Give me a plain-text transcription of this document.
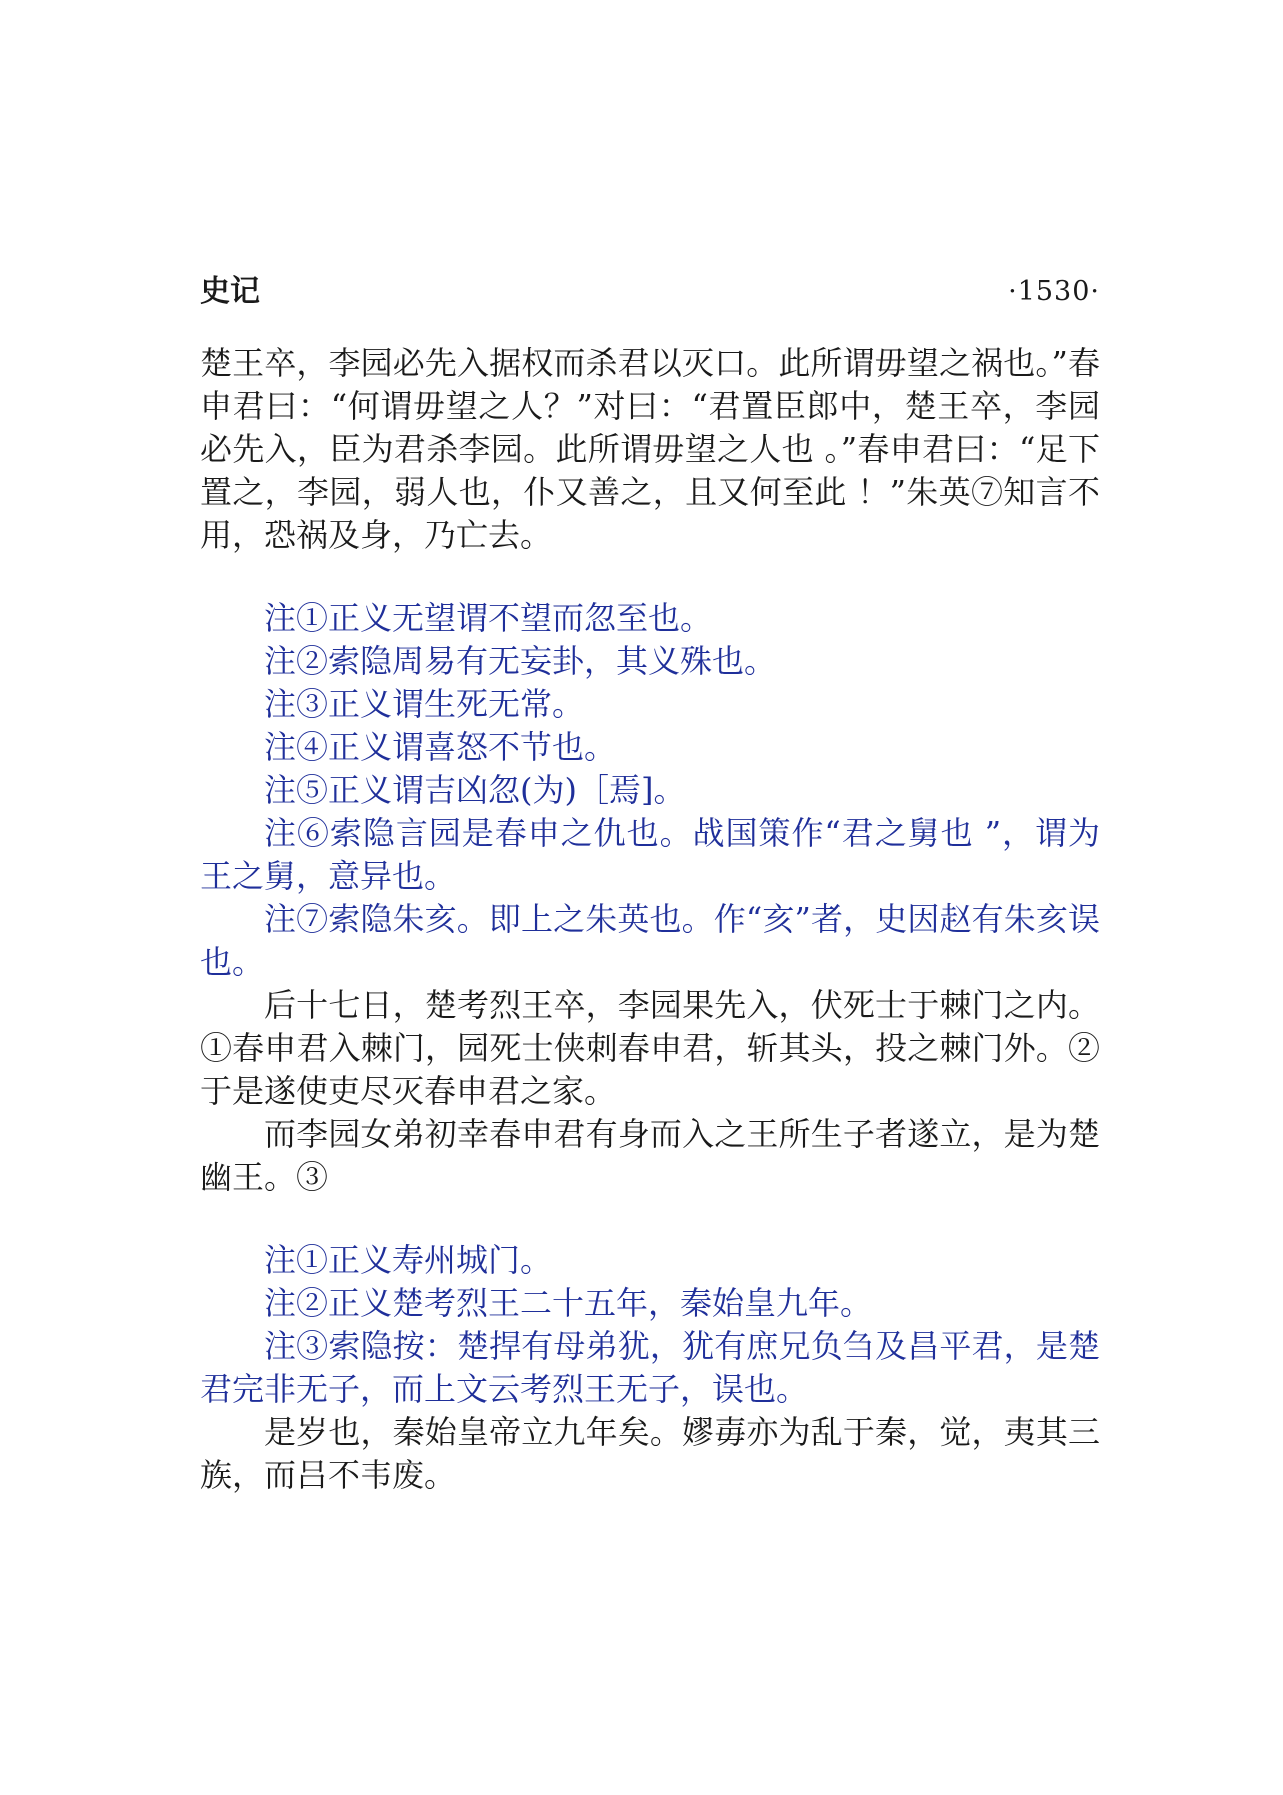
史记	·1530·

楚王卒，李园必先入据权而杀君以灭口。此所谓毋望之祸也。”春申君曰：“何谓毋望之人？”对曰：“君置臣郎中，楚王卒，李园必先入，臣为君杀李园。此所谓毋望之人也 。”春申君曰：“足下置之，李园，弱人也，仆又善之，且又何至此 ！”朱英⑦知言不用，恐祸及身，乃亡去。

注①正义无望谓不望而忽至也。

注②索隐周易有无妄卦，其义殊也。

注③正义谓生死无常。

注④正义谓喜怒不节也。

注⑤正义谓吉凶忽(为)［焉]。

注⑥索隐言园是春申之仇也。战国策作“君之舅也 ”，谓为王之舅，意异也。

注⑦索隐朱亥。即上之朱英也。作“亥”者，史因赵有朱亥误也。

后十七日，楚考烈王卒，李园果先入，伏死士于棘门之内。①春申君入棘门，园死士侠刺春申君，斩其头，投之棘门外。②于是遂使吏尽灭春申君之家。

而李园女弟初幸春申君有身而入之王所生子者遂立，是为楚幽王。③

注①正义寿州城门。

注②正义楚考烈王二十五年，秦始皇九年。

注③索隐按：楚捍有母弟犹，犹有庶兄负刍及昌平君，是楚君完非无子，而上文云考烈王无子，误也。

是岁也，秦始皇帝立九年矣。嫪毐亦为乱于秦，觉，夷其三族，而吕不韦废。
